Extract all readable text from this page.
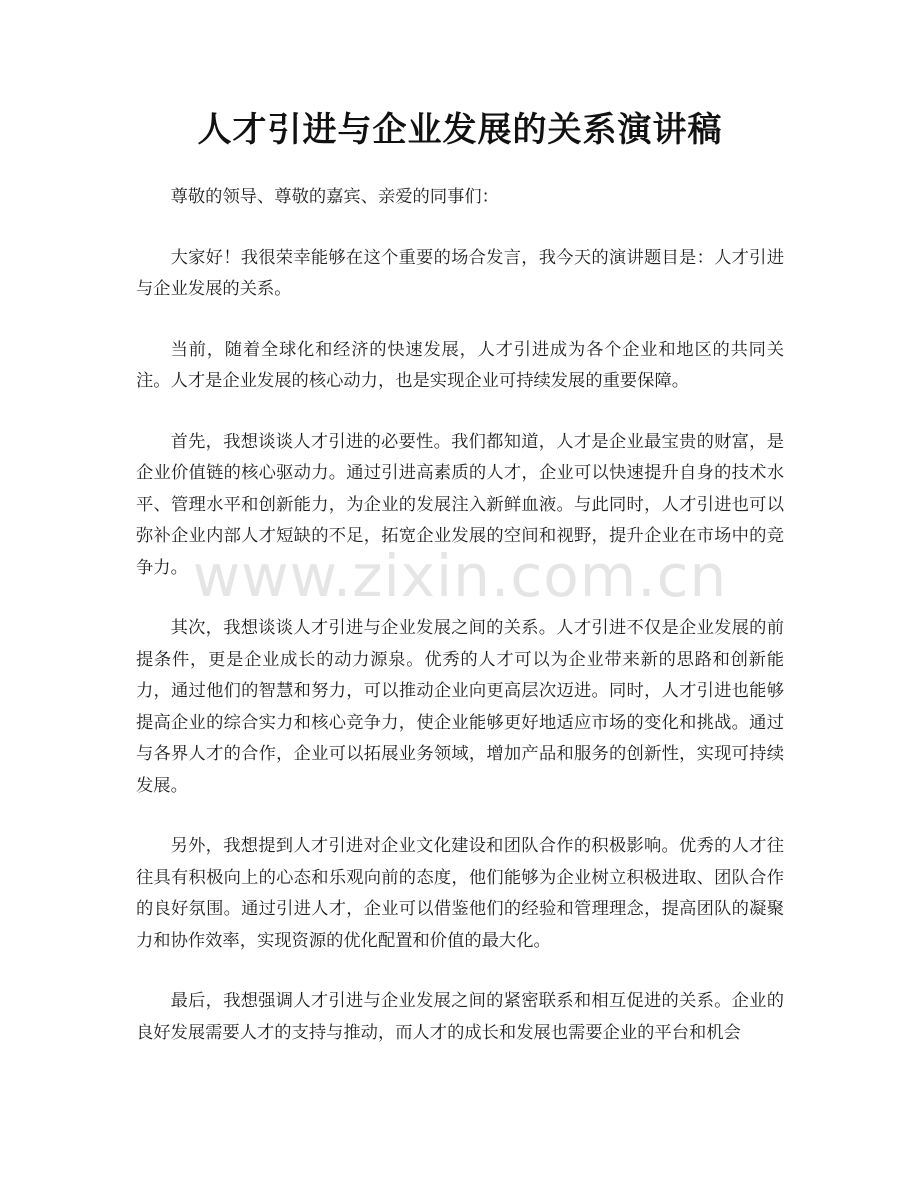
人才引进与企业发展的关系演讲稿

尊敬的领导、尊敬的嘉宾、亲爱的同事们：

大家好！我很荣幸能够在这个重要的场合发言，我今天的演讲题目是：人才引进与企业发展的关系。

当前，随着全球化和经济的快速发展，人才引进成为各个企业和地区的共同关注。人才是企业发展的核心动力，也是实现企业可持续发展的重要保障。

首先，我想谈谈人才引进的必要性。我们都知道，人才是企业最宝贵的财富，是企业价值链的核心驱动力。通过引进高素质的人才，企业可以快速提升自身的技术水平、管理水平和创新能力，为企业的发展注入新鲜血液。与此同时，人才引进也可以弥补企业内部人才短缺的不足，拓宽企业发展的空间和视野，提升企业在市场中的竞争力。

其次，我想谈谈人才引进与企业发展之间的关系。人才引进不仅是企业发展的前提条件，更是企业成长的动力源泉。优秀的人才可以为企业带来新的思路和创新能力，通过他们的智慧和努力，可以推动企业向更高层次迈进。同时，人才引进也能够提高企业的综合实力和核心竞争力，使企业能够更好地适应市场的变化和挑战。通过与各界人才的合作，企业可以拓展业务领域，增加产品和服务的创新性，实现可持续发展。

另外，我想提到人才引进对企业文化建设和团队合作的积极影响。优秀的人才往往具有积极向上的心态和乐观向前的态度，他们能够为企业树立积极进取、团队合作的良好氛围。通过引进人才，企业可以借鉴他们的经验和管理理念，提高团队的凝聚力和协作效率，实现资源的优化配置和价值的最大化。

最后，我想强调人才引进与企业发展之间的紧密联系和相互促进的关系。企业的良好发展需要人才的支持与推动，而人才的成长和发展也需要企业的平台和机会

www.zixin.com.cn
